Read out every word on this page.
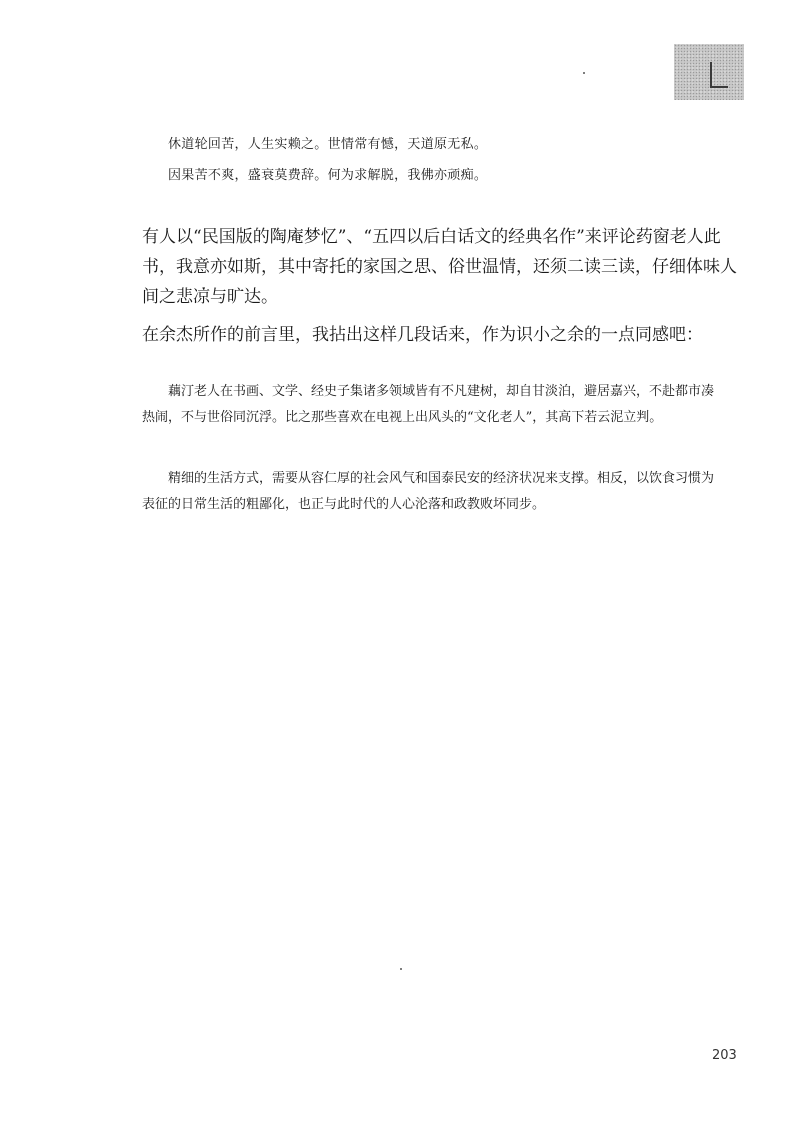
休道轮回苦，人生实赖之。世情常有憾，天道原无私。
因果苦不爽，盛衰莫费辞。何为求解脱，我佛亦顽痴。

有人以“民国版的陶庵梦忆”、“五四以后白话文的经典名作”来评论药窗老人此书，我意亦如斯，其中寄托的家国之思、俗世温情，还须二读三读，仔细体味人间之悲凉与旷达。

在余杰所作的前言里，我拈出这样几段话来，作为识小之余的一点同感吧：

藕汀老人在书画、文学、经史子集诸多领域皆有不凡建树，却自甘淡泊，避居嘉兴，不赴都市凑热闹，不与世俗同沉浮。比之那些喜欢在电视上出风头的“文化老人”，其高下若云泥立判。

精细的生活方式，需要从容仁厚的社会风气和国泰民安的经济状况来支撑。相反，以饮食习惯为表征的日常生活的粗鄙化，也正与此时代的人心沦落和政教败坏同步。

203
